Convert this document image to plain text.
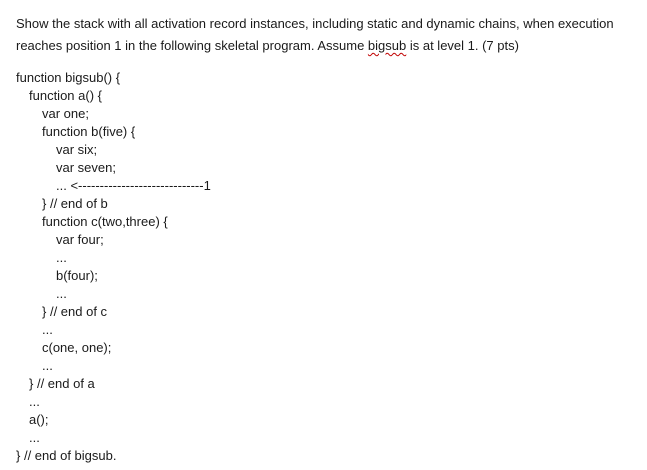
Show the stack with all activation record instances, including static and dynamic chains, when execution
reaches position 1 in the following skeletal program. Assume bigsub is at level 1. (7 pts)
function bigsub() {
function a() {
var one;
function b(five) {
var six;
var seven;
... <-----------------------------1
} // end of b
function c(two,three) {
var four;
...
b(four);
...
} // end of c
...
c(one, one);
...
} // end of a
...
a();
...
} // end of bigsub.
